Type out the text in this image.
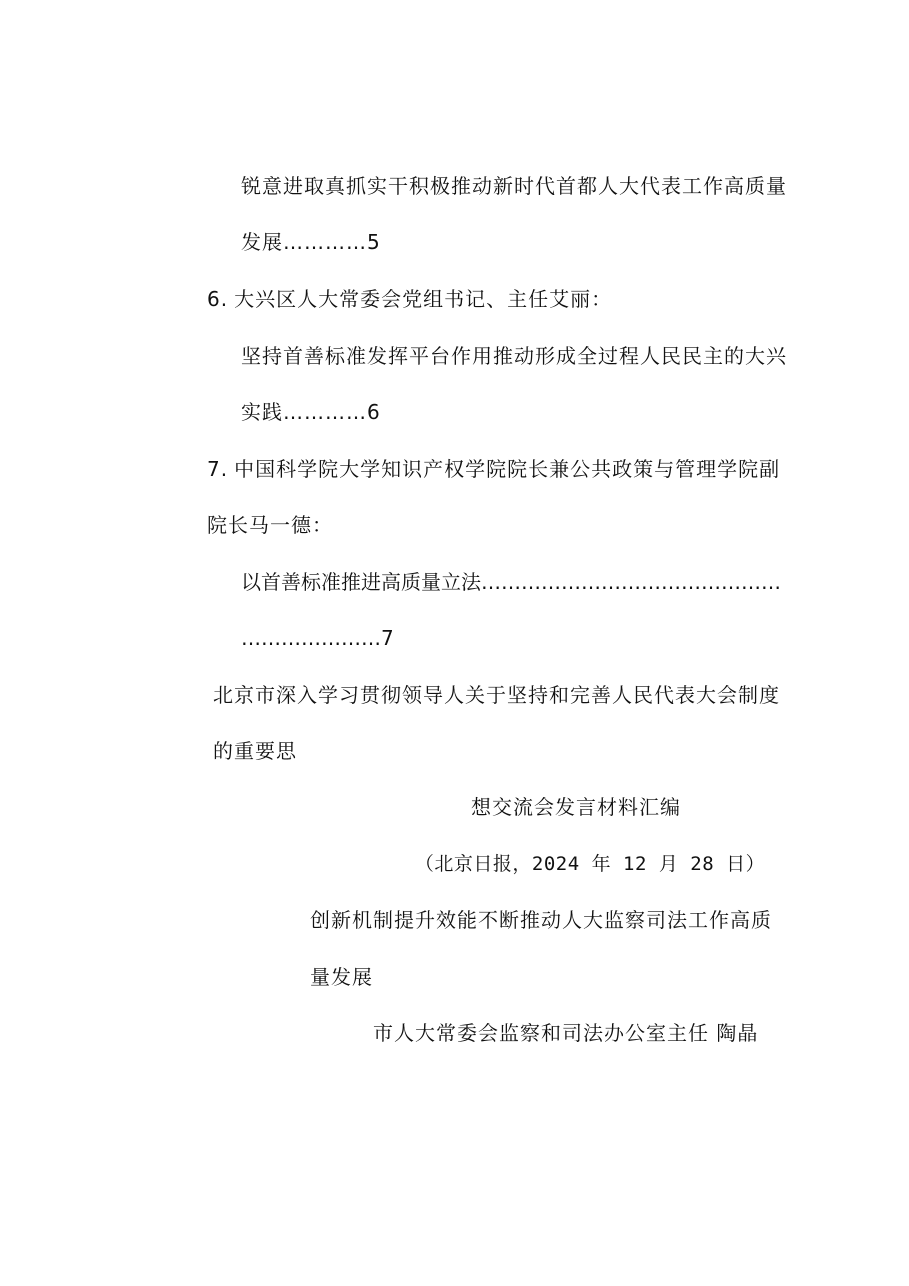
锐意进取真抓实干积极推动新时代首都人大代表工作高质量
发展…………5
6. 大兴区人大常委会党组书记、主任艾丽：
坚持首善标准发挥平台作用推动形成全过程人民民主的大兴
实践…………6
7. 中国科学院大学知识产权学院院长兼公共政策与管理学院副
院长马一德：
以首善标准推进高质量立法………………………………………
…………………7
北京市深入学习贯彻领导人关于坚持和完善人民代表大会制度
的重要思
想交流会发言材料汇编
（北京日报，2024 年 12 月 28 日）
创新机制提升效能不断推动人大监察司法工作高质
量发展
市人大常委会监察和司法办公室主任 陶晶
